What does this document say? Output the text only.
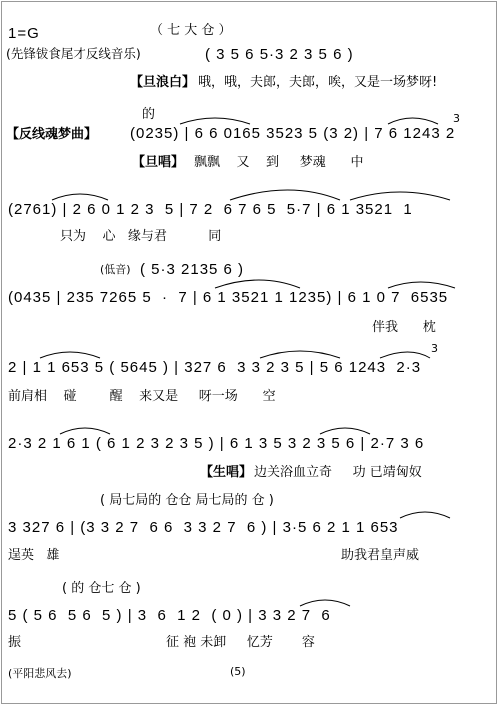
1=G	（ 七 大 仓 ）
(先锋钹食尾才反线音乐)	( 3 5 6 5·3 2 3 5 6 )
【旦浪白】 哦，哦，夫郎，夫郎，唉，又是一场梦呀!
的
【反线魂梦曲】 (0235) | 6 6 0165 3523 5 (3 2) | 7 6 1243 2
3
【旦唱】 飘飘    又    到     梦魂      中
(2761) | 2 6 0 1 2 3  5 | 7 2  6 7 6 5  5·7 | 6 1 3521  1
只为    心   缘与君          同
(低音) ( 5·3 2135 6 )
(0435 | 235 7265 5  ·  7 | 6 1 3521 1 1235) | 6 1 0 7  6535
伴我      枕
2 | 1 1 653 5 ( 5645 ) | 327 6  3 3 2 3 5 | 5 6 1243  2·3
3
前肩相    碰        醒    来又是     呀一场      空
2·3 2 1 6 1 ( 6 1 2 3 2 3 5 ) | 6 1 3 5 3 2 3 5 6 | 2·7 3 6
【生唱】 边关浴血立奇     功 已靖匈奴
( 局七局的 仓仓 局七局的 仓 )
3 327 6 | (3 3 2 7  6 6  3 3 2 7  6 ) | 3·5 6 2 1 1 653
逞英   雄	助我君皇声威
( 的 仓七 仓 )
5 ( 5 6  5 6  5 ) | 3  6  1 2  ( 0 ) | 3 3 2 7  6
振	征 袍 未卸     忆芳       容
(平阳悲风去)	(5)
